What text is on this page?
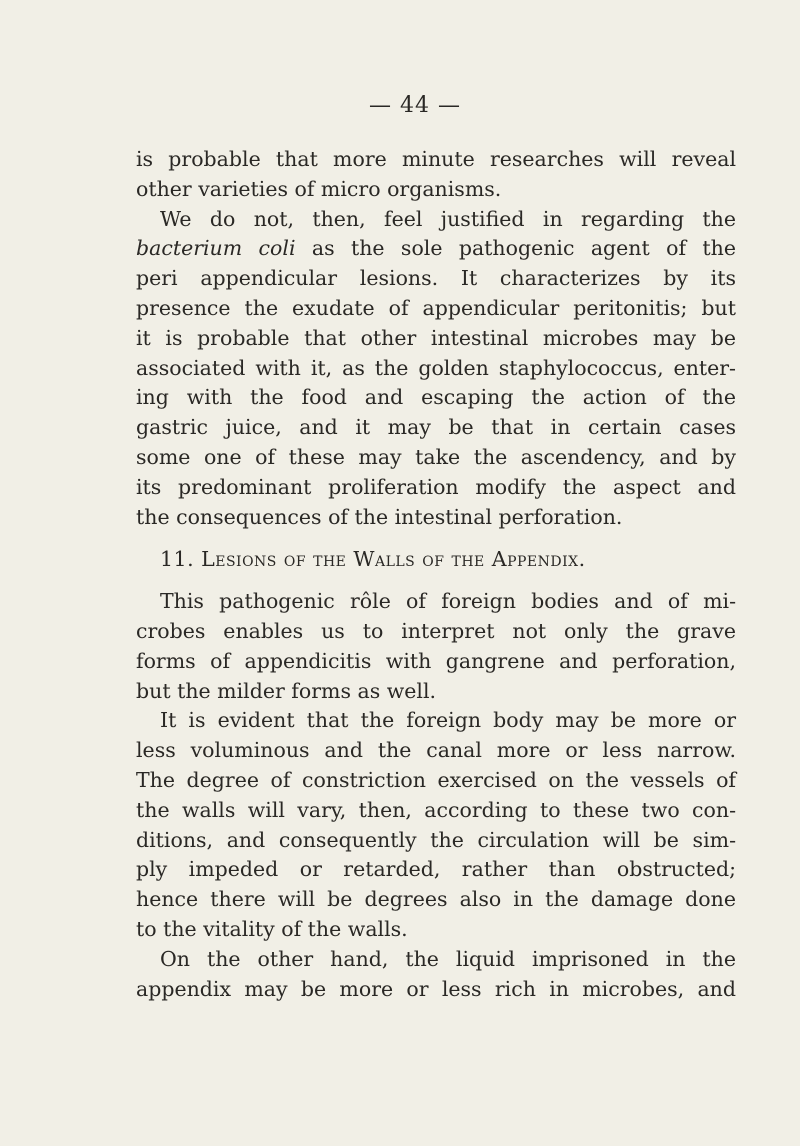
— 44 —

is probable that more minute researches will reveal
other varieties of micro organisms.

We do not, then, feel justified in regarding the
bacterium coli as the sole pathogenic agent of the
peri appendicular lesions. It characterizes by its
presence the exudate of appendicular peritonitis; but
it is probable that other intestinal microbes may be
associated with it, as the golden staphylococcus, enter-
ing with the food and escaping the action of the
gastric juice, and it may be that in certain cases
some one of these may take the ascendency, and by
its predominant proliferation modify the aspect and
the consequences of the intestinal perforation.

11. Lesions of the Walls of the Appendix.

This pathogenic rôle of foreign bodies and of mi-
crobes enables us to interpret not only the grave
forms of appendicitis with gangrene and perforation,
but the milder forms as well.

It is evident that the foreign body may be more or
less voluminous and the canal more or less narrow.
The degree of constriction exercised on the vessels of
the walls will vary, then, according to these two con-
ditions, and consequently the circulation will be sim-
ply impeded or retarded, rather than obstructed;
hence there will be degrees also in the damage done
to the vitality of the walls.

On the other hand, the liquid imprisoned in the
appendix may be more or less rich in microbes, and
